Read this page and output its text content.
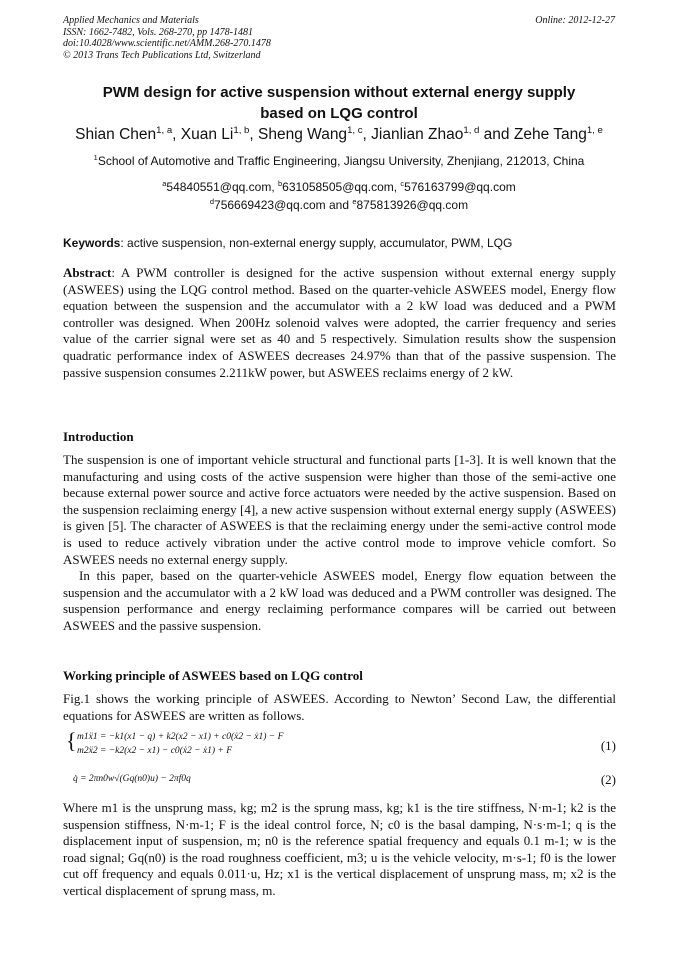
Applied Mechanics and Materials
ISSN: 1662-7482, Vols. 268-270, pp 1478-1481
doi:10.4028/www.scientific.net/AMM.268-270.1478
© 2013 Trans Tech Publications Ltd, Switzerland
Online: 2012-12-27
PWM design for active suspension without external energy supply
based on LQG control
Shian Chen$^{1, a}$, Xuan Li$^{1, b}$, Sheng Wang$^{1, c}$, Jianlian Zhao$^{1, d}$ and Zehe Tang$^{1, e}$
$^1$School of Automotive and Traffic Engineering, Jiangsu University, Zhenjiang, 212013, China
$^a$54840551@qq.com, $^b$631058505@qq.com, $^c$576163799@qq.com
$^d$756669423@qq.com and $^e$875813926@qq.com
Keywords: active suspension, non-external energy supply, accumulator, PWM, LQG
Abstract: A PWM controller is designed for the active suspension without external energy supply (ASWEES) using the LQG control method. Based on the quarter-vehicle ASWEES model, Energy flow equation between the suspension and the accumulator with a 2 kW load was deduced and a PWM controller was designed. When 200Hz solenoid valves were adopted, the carrier frequency and series value of the carrier signal were set as 40 and 5 respectively. Simulation results show the suspension quadratic performance index of ASWEES decreases 24.97% than that of the passive suspension. The passive suspension consumes 2.211kW power, but ASWEES reclaims energy of 2 kW.
Introduction
The suspension is one of important vehicle structural and functional parts [1-3]. It is well known that the manufacturing and using costs of the active suspension were higher than those of the semi-active one because external power source and active force actuators were needed by the active suspension. Based on the suspension reclaiming energy [4], a new active suspension without external energy supply (ASWEES) is given [5]. The character of ASWEES is that the reclaiming energy under the semi-active control mode is used to reduce actively vibration under the active control mode to improve vehicle comfort. So ASWEES needs no external energy supply.
In this paper, based on the quarter-vehicle ASWEES model, Energy flow equation between the suspension and the accumulator with a 2 kW load was deduced and a PWM controller was designed. The suspension performance and energy reclaiming performance compares will be carried out between ASWEES and the passive suspension.
Working principle of ASWEES based on LQG control
Fig.1 shows the working principle of ASWEES. According to Newton’ Second Law, the differential equations for ASWEES are written as follows.
{ m1ẍ1 = −k1(x1 − q) + k2(x2 − x1) + c0(ẋ2 − ẋ1) − F
m2ẍ2 = −k2(x2 − x1) − c0(ẋ2 − ẋ1) + F	(1)
q̇ = 2πn0w√(Gq(n0)u) − 2πf0q	(2)
Where m1 is the unsprung mass, kg; m2 is the sprung mass, kg; k1 is the tire stiffness, N·m-1; k2 is the suspension stiffness, N·m-1; F is the ideal control force, N; c0 is the basal damping, N·s·m-1; q is the displacement input of suspension, m; n0 is the reference spatial frequency and equals 0.1 m-1; w is the road signal; Gq(n0) is the road roughness coefficient, m3; u is the vehicle velocity, m·s-1; f0 is the lower cut off frequency and equals 0.011·u, Hz; x1 is the vertical displacement of unsprung mass, m; x2 is the vertical displacement of sprung mass, m.
